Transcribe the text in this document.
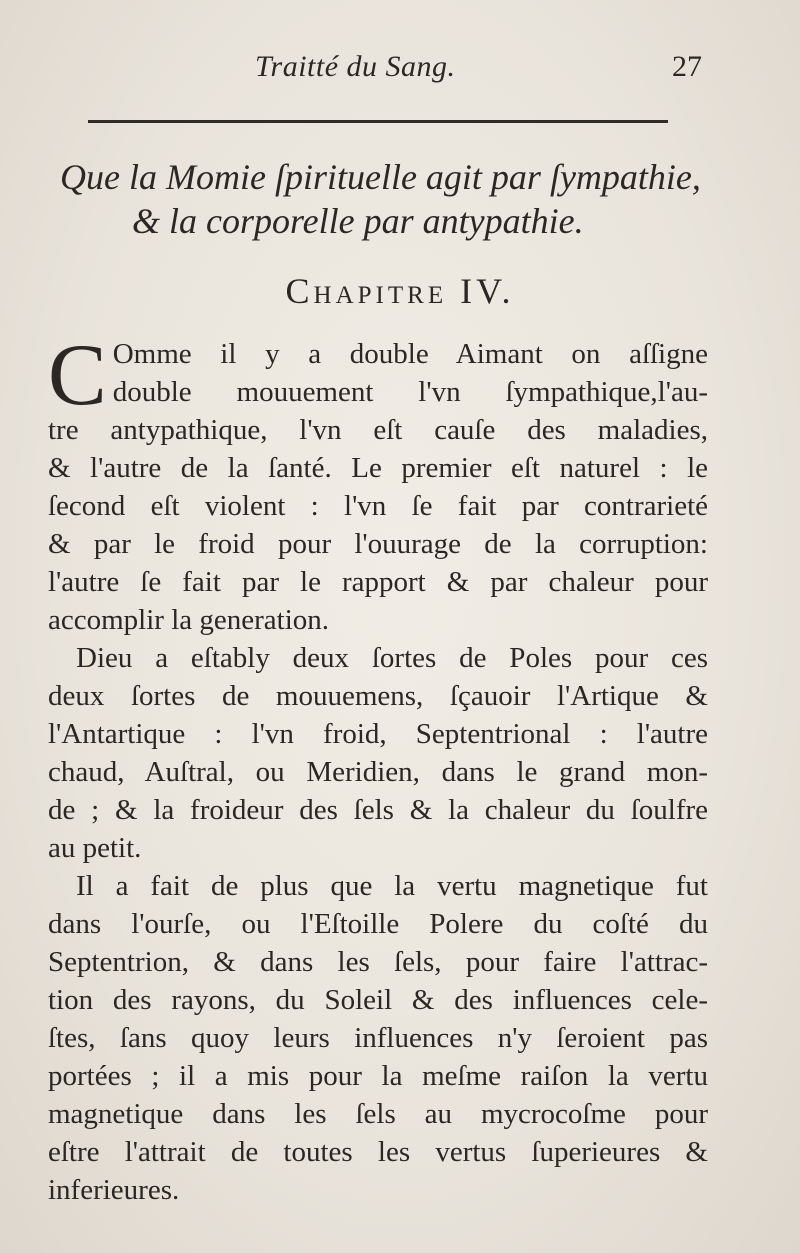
Traitté du Sang.	27
Que la Momie ſpirituelle agit par ſympathie,
& la corporelle par antypathie.
Chapitre IV.

C Omme il y a double Aimant on aſſigne
double mouuement l'vn ſympathique,l'au-
tre antypathique, l'vn eſt cauſe des maladies,
& l'autre de la ſanté. Le premier eſt naturel : le
ſecond eſt violent : l'vn ſe fait par contrarieté
& par le froid pour l'ouurage de la corruption:
l'autre ſe fait par le rapport & par chaleur pour
accomplir la generation.

Dieu a eſtably deux ſortes de Poles pour ces
deux ſortes de mouuemens, ſçauoir l'Artique &
l'Antartique : l'vn froid, Septentrional : l'autre
chaud, Auſtral, ou Meridien, dans le grand mon-
de ; & la froideur des ſels & la chaleur du ſoulfre
au petit.

Il a fait de plus que la vertu magnetique fut
dans l'ourſe, ou l'Eſtoille Polere du coſté du
Septentrion, & dans les ſels, pour faire l'attrac-
tion des rayons, du Soleil & des influences cele-
ſtes, ſans quoy leurs influences n'y ſeroient pas
portées ; il a mis pour la meſme raiſon la vertu
magnetique dans les ſels au mycrocoſme pour
eſtre l'attrait de toutes les vertus ſuperieures &
inferieures.
